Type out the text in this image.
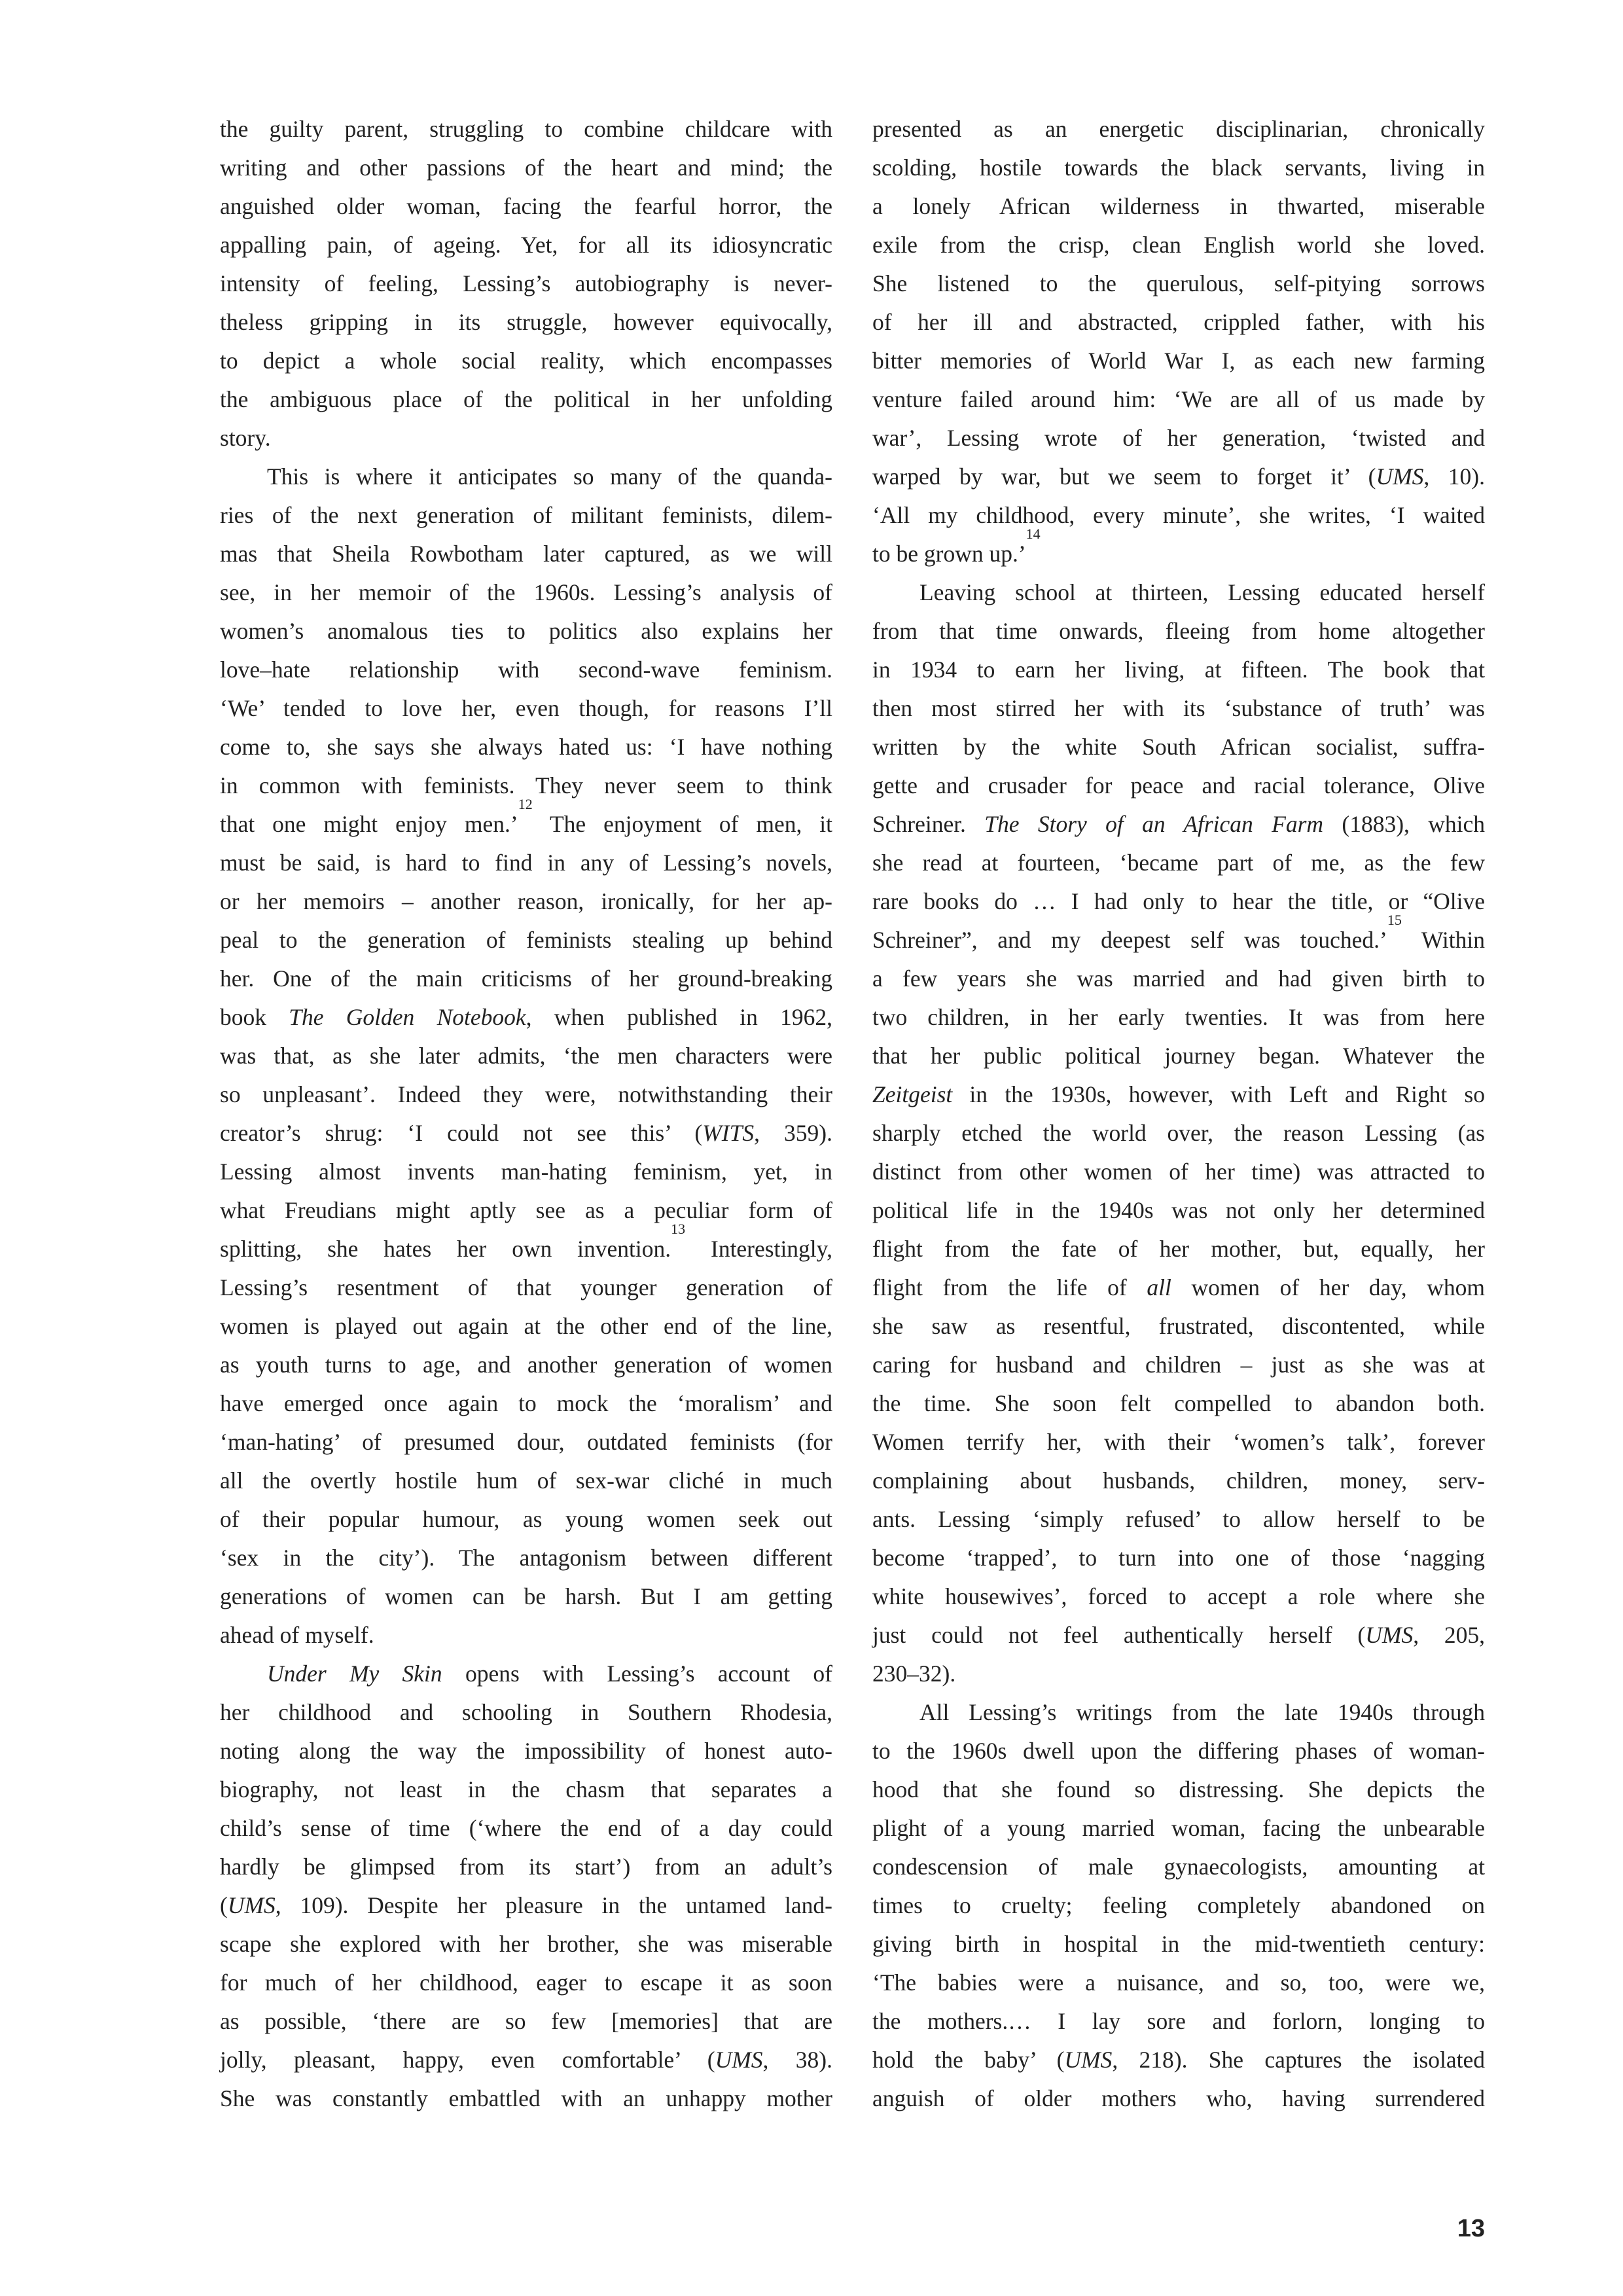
the guilty parent, struggling to combine childcare with
writing and other passions of the heart and mind; the
anguished older woman, facing the fearful horror, the
appalling pain, of ageing. Yet, for all its idiosyncratic
intensity of feeling, Lessing’s autobiography is never-
theless gripping in its struggle, however equivocally,
to depict a whole social reality, which encompasses
the ambiguous place of the political in her unfolding
story.
This is where it anticipates so many of the quanda-
ries of the next generation of militant feminists, dilem-
mas that Sheila Rowbotham later captured, as we will
see, in her memoir of the 1960s. Lessing’s analysis of
women’s anomalous ties to politics also explains her
love–hate relationship with second-wave feminism.
‘We’ tended to love her, even though, for reasons I’ll
come to, she says she always hated us: ‘I have nothing
in common with feminists. They never seem to think
that one might enjoy men.’$^{12}$ The enjoyment of men, it
must be said, is hard to find in any of Lessing’s novels,
or her memoirs – another reason, ironically, for her ap-
peal to the generation of feminists stealing up behind
her. One of the main criticisms of her ground-breaking
book The Golden Notebook, when published in 1962,
was that, as she later admits, ‘the men characters were
so unpleasant’. Indeed they were, notwithstanding their
creator’s shrug: ‘I could not see this’ (WITS, 359).
Lessing almost invents man-hating feminism, yet, in
what Freudians might aptly see as a peculiar form of
splitting, she hates her own invention.$^{13}$ Interestingly,
Lessing’s resentment of that younger generation of
women is played out again at the other end of the line,
as youth turns to age, and another generation of women
have emerged once again to mock the ‘moralism’ and
‘man-hating’ of presumed dour, outdated feminists (for
all the overtly hostile hum of sex-war cliché in much
of their popular humour, as young women seek out
‘sex in the city’). The antagonism between different
generations of women can be harsh. But I am getting
ahead of myself.
Under My Skin opens with Lessing’s account of
her childhood and schooling in Southern Rhodesia,
noting along the way the impossibility of honest auto-
biography, not least in the chasm that separates a
child’s sense of time (‘where the end of a day could
hardly be glimpsed from its start’) from an adult’s
(UMS, 109). Despite her pleasure in the untamed land-
scape she explored with her brother, she was miserable
for much of her childhood, eager to escape it as soon
as possible, ‘there are so few [memories] that are
jolly, pleasant, happy, even comfortable’ (UMS, 38).
She was constantly embattled with an unhappy mother
presented as an energetic disciplinarian, chronically
scolding, hostile towards the black servants, living in
a lonely African wilderness in thwarted, miserable
exile from the crisp, clean English world she loved.
She listened to the querulous, self-pitying sorrows
of her ill and abstracted, crippled father, with his
bitter memories of World War I, as each new farming
venture failed around him: ‘We are all of us made by
war’, Lessing wrote of her generation, ‘twisted and
warped by war, but we seem to forget it’ (UMS, 10).
‘All my childhood, every minute’, she writes, ‘I waited
to be grown up.’$^{14}$
Leaving school at thirteen, Lessing educated herself
from that time onwards, fleeing from home altogether
in 1934 to earn her living, at fifteen. The book that
then most stirred her with its ‘substance of truth’ was
written by the white South African socialist, suffra-
gette and crusader for peace and racial tolerance, Olive
Schreiner. The Story of an African Farm (1883), which
she read at fourteen, ‘became part of me, as the few
rare books do … I had only to hear the title, or “Olive
Schreiner”, and my deepest self was touched.’$^{15}$ Within
a few years she was married and had given birth to
two children, in her early twenties. It was from here
that her public political journey began. Whatever the
Zeitgeist in the 1930s, however, with Left and Right so
sharply etched the world over, the reason Lessing (as
distinct from other women of her time) was attracted to
political life in the 1940s was not only her determined
flight from the fate of her mother, but, equally, her
flight from the life of all women of her day, whom
she saw as resentful, frustrated, discontented, while
caring for husband and children – just as she was at
the time. She soon felt compelled to abandon both.
Women terrify her, with their ‘women’s talk’, forever
complaining about husbands, children, money, serv-
ants. Lessing ‘simply refused’ to allow herself to be
become ‘trapped’, to turn into one of those ‘nagging
white housewives’, forced to accept a role where she
just could not feel authentically herself (UMS, 205,
230–32).
All Lessing’s writings from the late 1940s through
to the 1960s dwell upon the differing phases of woman-
hood that she found so distressing. She depicts the
plight of a young married woman, facing the unbearable
condescension of male gynaecologists, amounting at
times to cruelty; feeling completely abandoned on
giving birth in hospital in the mid-twentieth century:
‘The babies were a nuisance, and so, too, were we,
the mothers.… I lay sore and forlorn, longing to
hold the baby’ (UMS, 218). She captures the isolated
anguish of older mothers who, having surrendered
13
